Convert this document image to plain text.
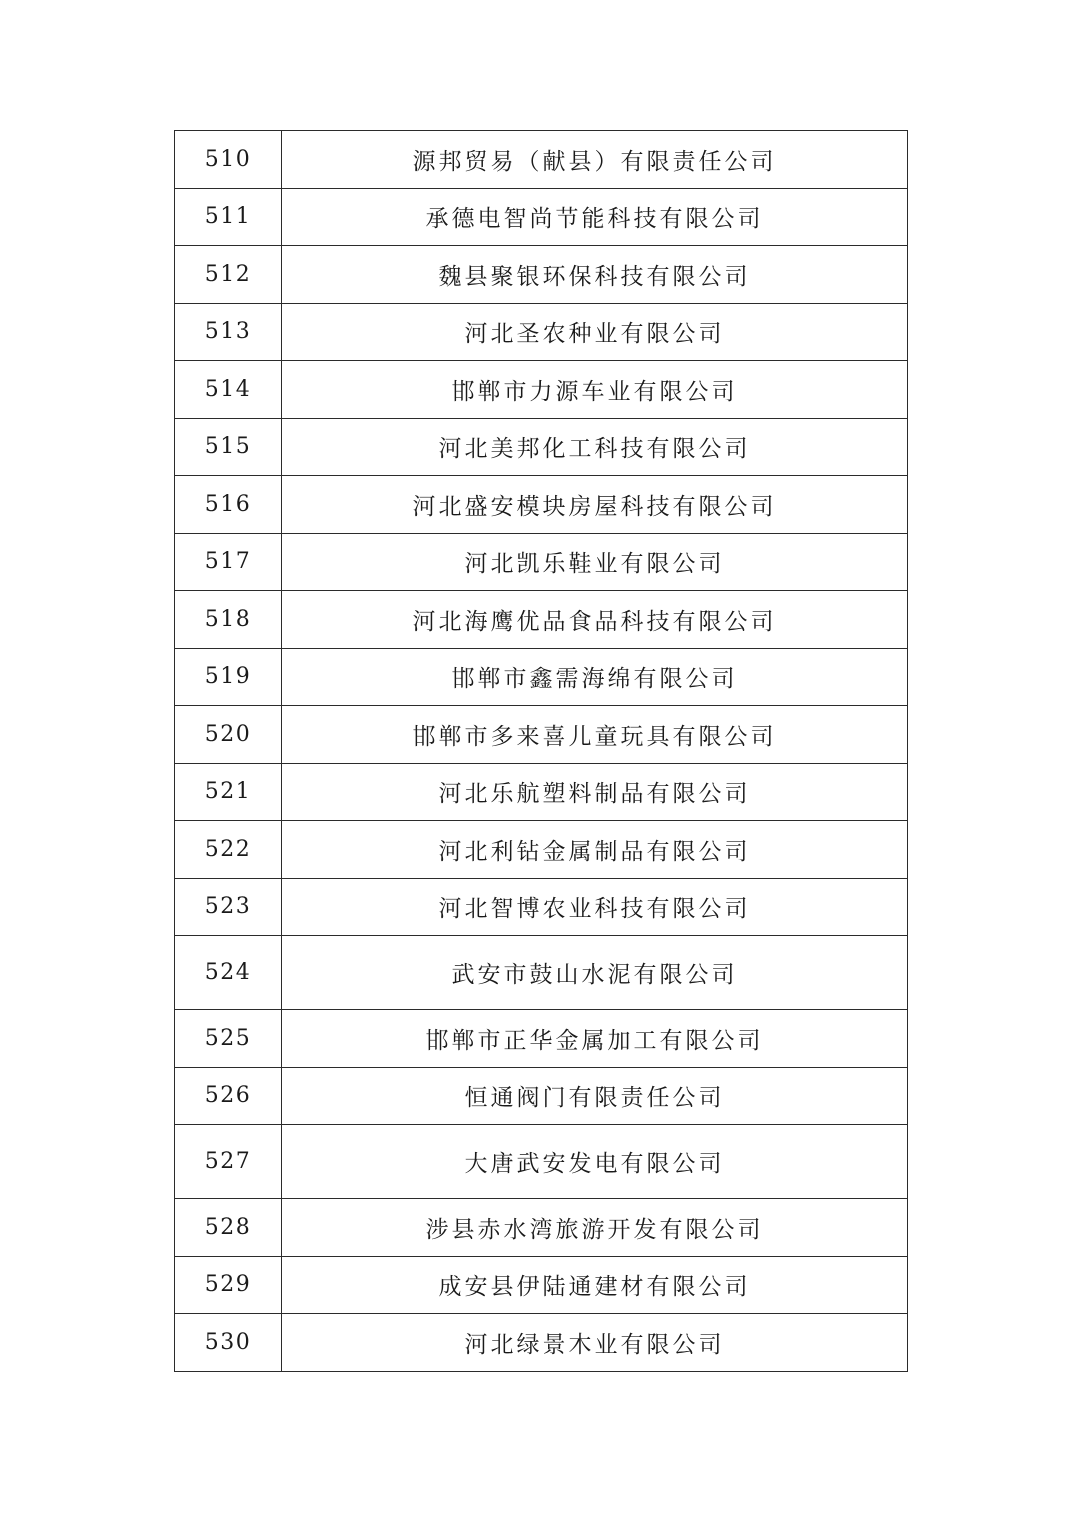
510	源邦贸易（献县）有限责任公司
511	承德电智尚节能科技有限公司
512	魏县聚银环保科技有限公司
513	河北圣农种业有限公司
514	邯郸市力源车业有限公司
515	河北美邦化工科技有限公司
516	河北盛安模块房屋科技有限公司
517	河北凯乐鞋业有限公司
518	河北海鹰优品食品科技有限公司
519	邯郸市鑫需海绵有限公司
520	邯郸市多来喜儿童玩具有限公司
521	河北乐航塑料制品有限公司
522	河北利钻金属制品有限公司
523	河北智博农业科技有限公司
524	武安市鼓山水泥有限公司
525	邯郸市正华金属加工有限公司
526	恒通阀门有限责任公司
527	大唐武安发电有限公司
528	涉县赤水湾旅游开发有限公司
529	成安县伊陆通建材有限公司
530	河北绿景木业有限公司
